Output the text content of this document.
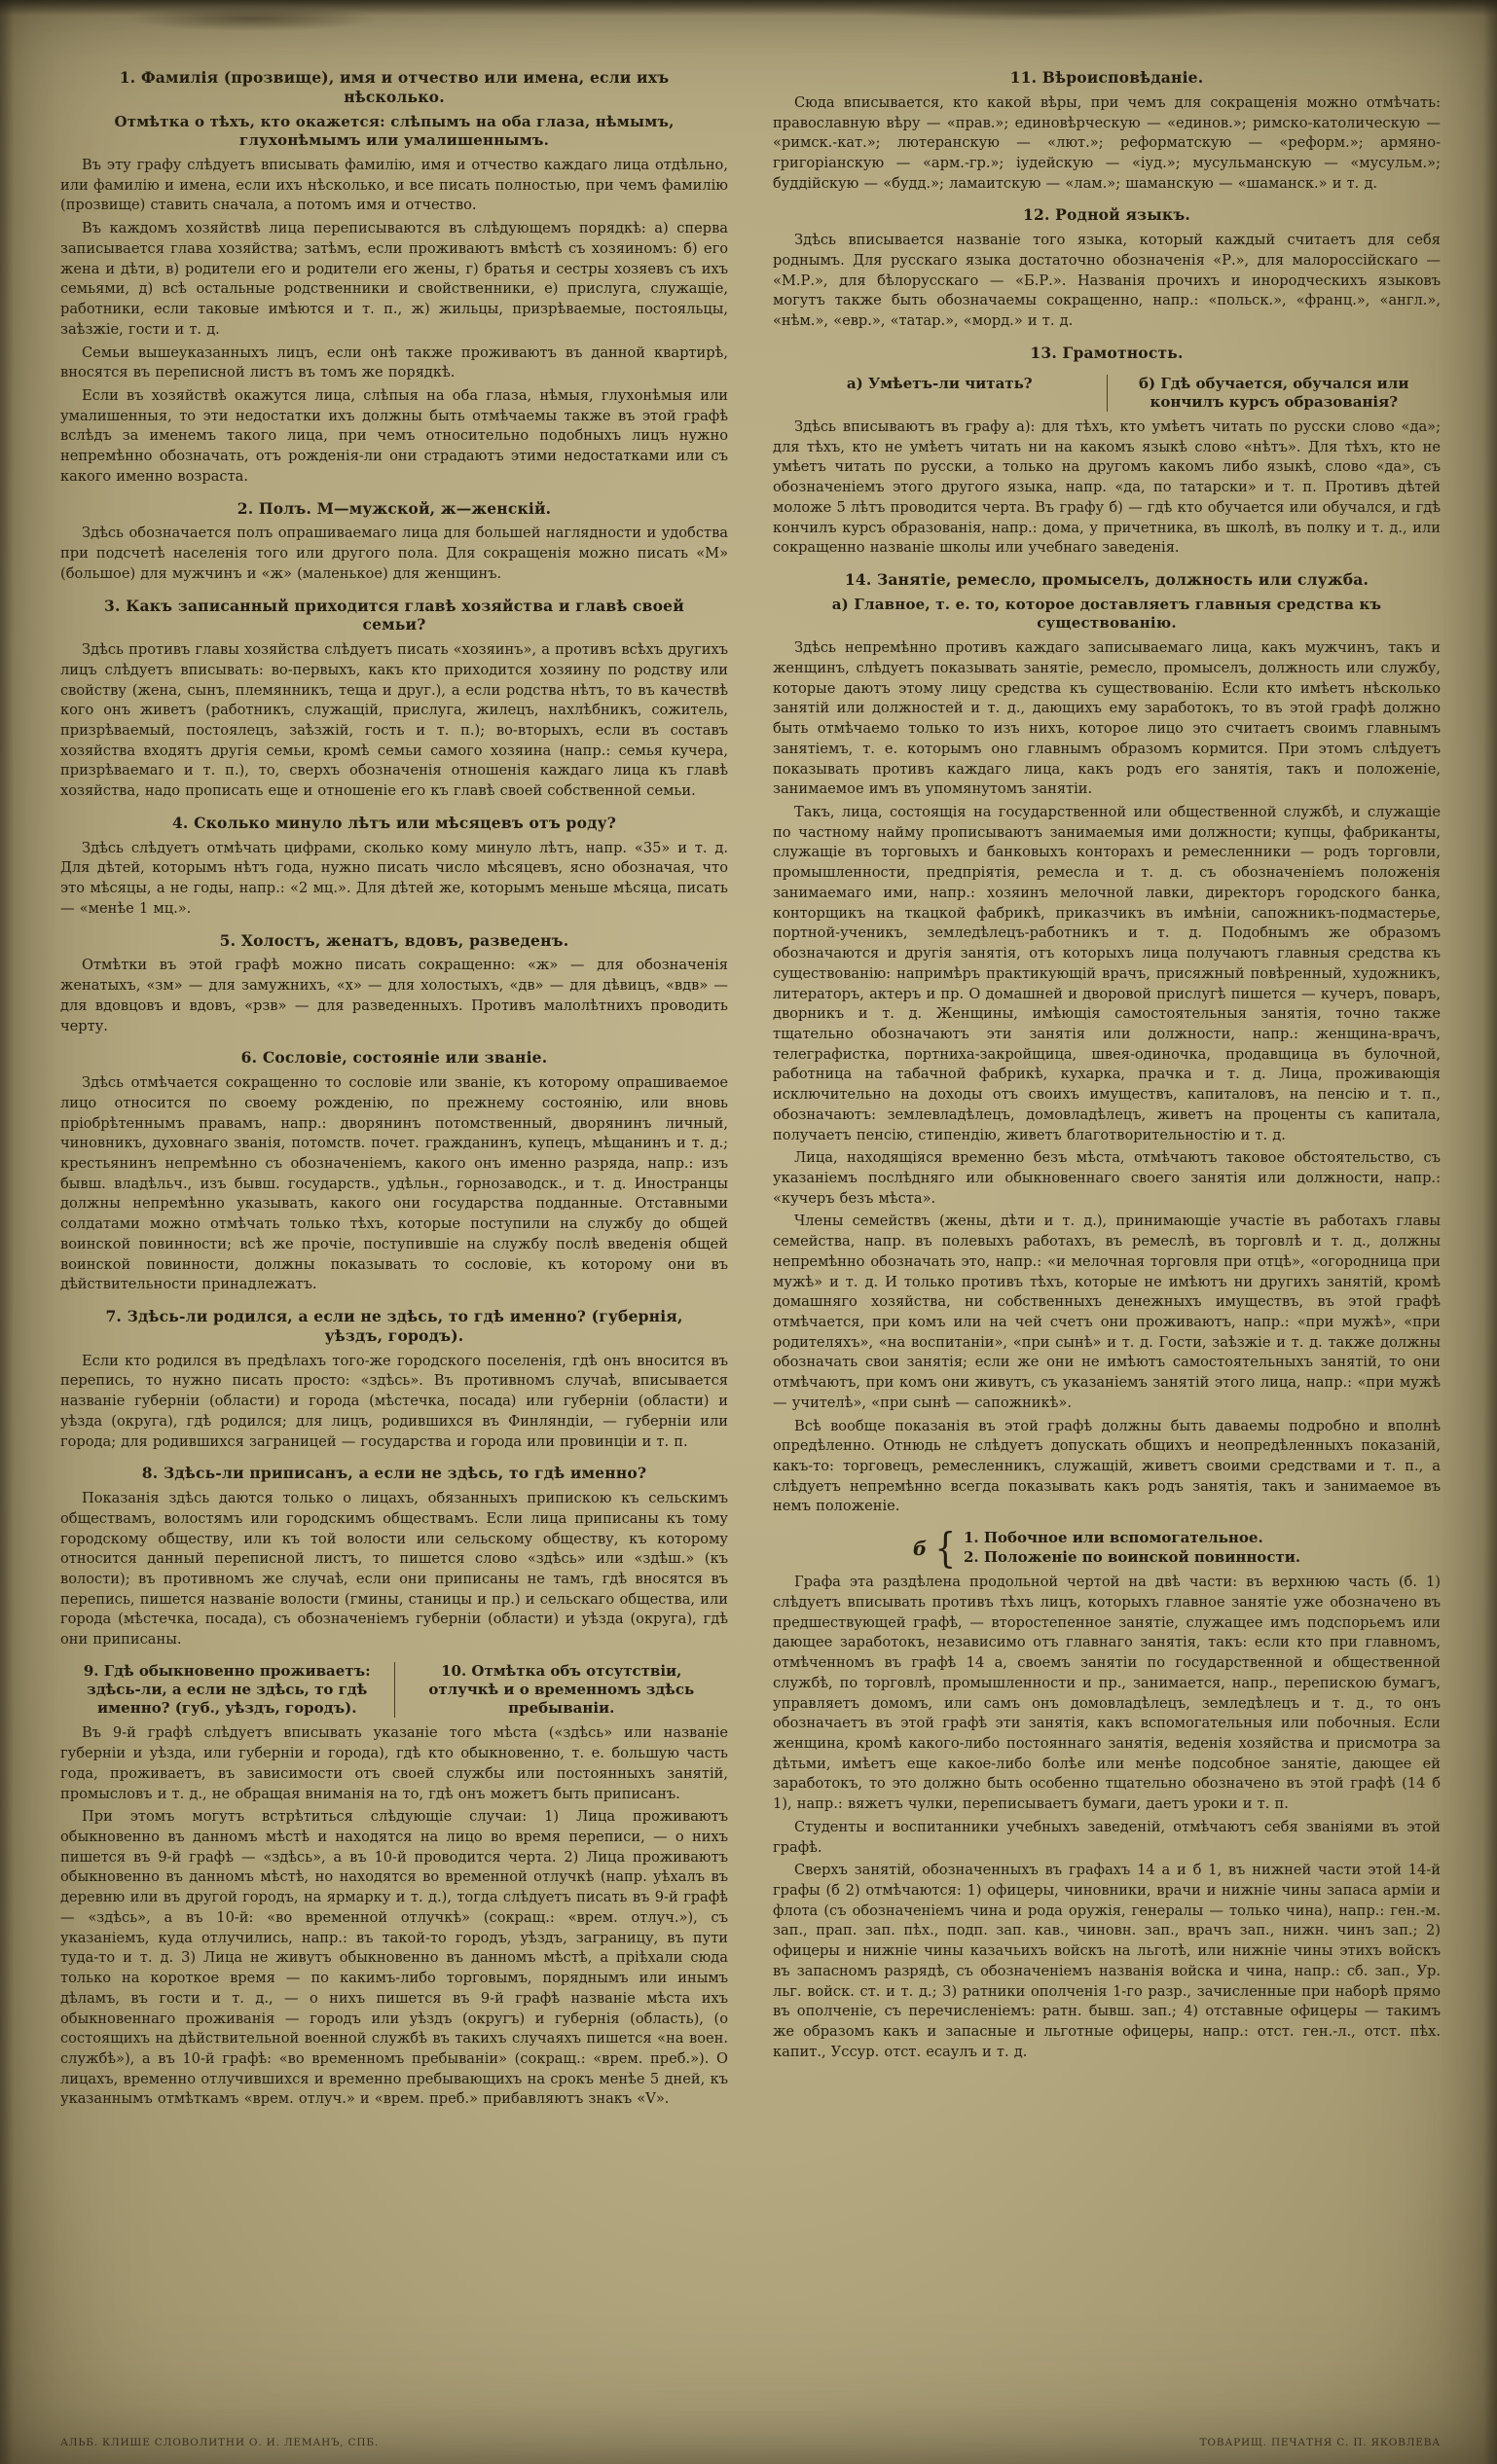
1. Фамилія (прозвище), имя и отчество или имена, если ихъ нѣсколько.
Отмѣтка о тѣхъ, кто окажется: слѣпымъ на оба глаза, нѣмымъ, глухонѣмымъ или умалишеннымъ.

Въ эту графу слѣдуетъ вписывать фамилію, имя и отчество каждаго лица отдѣльно, или фамилію и имена, если ихъ нѣсколько, и все писать полностью, при чемъ фамилію (прозвище) ставить сначала, а потомъ имя и отчество.

Въ каждомъ хозяйствѣ лица переписываются въ слѣдующемъ порядкѣ: а) сперва записывается глава хозяйства; затѣмъ, если проживаютъ вмѣстѣ съ хозяиномъ: б) его жена и дѣти, в) родители его и родители его жены, г) братья и сестры хозяевъ съ ихъ семьями, д) всѣ остальные родственники и свойственники, е) прислуга, служащіе, работники, если таковые имѣются и т. п., ж) жильцы, призрѣваемые, постояльцы, заѣзжіе, гости и т. д.

Семьи вышеуказанныхъ лицъ, если онѣ также проживаютъ въ данной квартирѣ, вносятся въ переписной листъ въ томъ же порядкѣ.

Если въ хозяйствѣ окажутся лица, слѣпыя на оба глаза, нѣмыя, глухонѣмыя или умалишенныя, то эти недостатки ихъ должны быть отмѣчаемы также въ этой графѣ вслѣдъ за именемъ такого лица, при чемъ относительно подобныхъ лицъ нужно непремѣнно обозначать, отъ рожденія-ли они страдаютъ этими недостатками или съ какого именно возраста.

2. Полъ. М—мужской, ж—женскій.

Здѣсь обозначается полъ опрашиваемаго лица для большей наглядности и удобства при подсчетѣ населенія того или другого пола. Для сокращенія можно писать «М» (большое) для мужчинъ и «ж» (маленькое) для женщинъ.

3. Какъ записанный приходится главѣ хозяйства и главѣ своей семьи?

Здѣсь противъ главы хозяйства слѣдуетъ писать «хозяинъ», а противъ всѣхъ другихъ лицъ слѣдуетъ вписывать: во-первыхъ, какъ кто приходится хозяину по родству или свойству (жена, сынъ, племянникъ, теща и друг.), а если родства нѣтъ, то въ качествѣ кого онъ живетъ (работникъ, служащій, прислуга, жилецъ, нахлѣбникъ, сожитель, призрѣваемый, постоялецъ, заѣзжій, гость и т. п.); во-вторыхъ, если въ составъ хозяйства входятъ другія семьи, кромѣ семьи самого хозяина (напр.: семья кучера, призрѣваемаго и т. п.), то, сверхъ обозначенія отношенія каждаго лица къ главѣ хозяйства, надо прописать еще и отношеніе его къ главѣ своей собственной семьи.

4. Сколько минуло лѣтъ или мѣсяцевъ отъ роду?

Здѣсь слѣдуетъ отмѣчать цифрами, сколько кому минуло лѣтъ, напр. «35» и т. д. Для дѣтей, которымъ нѣтъ года, нужно писать число мѣсяцевъ, ясно обозначая, что это мѣсяцы, а не годы, напр.: «2 мц.». Для дѣтей же, которымъ меньше мѣсяца, писать — «менѣе 1 мц.».

5. Холостъ, женатъ, вдовъ, разведенъ.

Отмѣтки въ этой графѣ можно писать сокращенно: «ж» — для обозначенія женатыхъ, «зм» — для замужнихъ, «х» — для холостыхъ, «дв» — для дѣвицъ, «вдв» — для вдовцовъ и вдовъ, «рзв» — для разведенныхъ. Противъ малолѣтнихъ проводить черту.

6. Сословіе, состояніе или званіе.

Здѣсь отмѣчается сокращенно то сословіе или званіе, къ которому опрашиваемое лицо относится по своему рожденію, по прежнему состоянію, или вновь пріобрѣтеннымъ правамъ, напр.: дворянинъ потомственный, дворянинъ личный, чиновникъ, духовнаго званія, потомств. почет. гражданинъ, купецъ, мѣщанинъ и т. д.; крестьянинъ непремѣнно съ обозначеніемъ, какого онъ именно разряда, напр.: изъ бывш. владѣльч., изъ бывш. государств., удѣльн., горнозаводск., и т. д. Иностранцы должны непремѣнно указывать, какого они государства подданные. Отставными солдатами можно отмѣчать только тѣхъ, которые поступили на службу до общей воинской повинности; всѣ же прочіе, поступившіе на службу послѣ введенія общей воинской повинности, должны показывать то сословіе, къ которому они въ дѣйствительности принадлежатъ.

7. Здѣсь-ли родился, а если не здѣсь, то гдѣ именно? (губернія, уѣздъ, городъ).

Если кто родился въ предѣлахъ того-же городского поселенія, гдѣ онъ вносится въ перепись, то нужно писать просто: «здѣсь». Въ противномъ случаѣ, вписывается названіе губерніи (области) и города (мѣстечка, посада) или губерніи (области) и уѣзда (округа), гдѣ родился; для лицъ, родившихся въ Финляндіи, — губерніи или города; для родившихся заграницей — государства и города или провинціи и т. п.

8. Здѣсь-ли приписанъ, а если не здѣсь, то гдѣ именно?

Показанія здѣсь даются только о лицахъ, обязанныхъ припискою къ сельскимъ обществамъ, волостямъ или городскимъ обществамъ. Если лица приписаны къ тому городскому обществу, или къ той волости или сельскому обществу, къ которому относится данный переписной листъ, то пишется слово «здѣсь» или «здѣш.» (къ волости); въ противномъ же случаѣ, если они приписаны не тамъ, гдѣ вносятся въ перепись, пишется названіе волости (гмины, станицы и пр.) и сельскаго общества, или города (мѣстечка, посада), съ обозначеніемъ губерніи (области) и уѣзда (округа), гдѣ они приписаны.

9. Гдѣ обыкновенно проживаетъ: здѣсь-ли, а если не здѣсь, то гдѣ именно? (губ., уѣздъ, городъ).
10. Отмѣтка объ отсутствіи, отлучкѣ и о временномъ здѣсь пребываніи.

Въ 9-й графѣ слѣдуетъ вписывать указаніе того мѣста («здѣсь» или названіе губерніи и уѣзда, или губерніи и города), гдѣ кто обыкновенно, т. е. большую часть года, проживаетъ, въ зависимости отъ своей службы или постоянныхъ занятій, промысловъ и т. д., не обращая вниманія на то, гдѣ онъ можетъ быть приписанъ.

При этомъ могутъ встрѣтиться слѣдующіе случаи: 1) Лица проживаютъ обыкновенно въ данномъ мѣстѣ и находятся на лицо во время переписи, — о нихъ пишется въ 9-й графѣ — «здѣсь», а въ 10-й проводится черта. 2) Лица проживаютъ обыкновенно въ данномъ мѣстѣ, но находятся во временной отлучкѣ (напр. уѣхалъ въ деревню или въ другой городъ, на ярмарку и т. д.), тогда слѣдуетъ писать въ 9-й графѣ — «здѣсь», а въ 10-й: «во временной отлучкѣ» (сокращ.: «врем. отлуч.»), съ указаніемъ, куда отлучились, напр.: въ такой-то городъ, уѣздъ, заграницу, въ пути туда-то и т. д. 3) Лица не живутъ обыкновенно въ данномъ мѣстѣ, а пріѣхали сюда только на короткое время — по какимъ-либо торговымъ, поряднымъ или инымъ дѣламъ, въ гости и т. д., — о нихъ пишется въ 9-й графѣ названіе мѣста ихъ обыкновеннаго проживанія — городъ или уѣздъ (округъ) и губернія (область), (о состоящихъ на дѣйствительной военной службѣ въ такихъ случаяхъ пишется «на воен. службѣ»), а въ 10-й графѣ: «во временномъ пребываніи» (сокращ.: «врем. преб.»). О лицахъ, временно отлучившихся и временно пребывающихъ на срокъ менѣе 5 дней, къ указаннымъ отмѣткамъ «врем. отлуч.» и «врем. преб.» прибавляютъ знакъ «V».

11. Вѣроисповѣданіе.

Сюда вписывается, кто какой вѣры, при чемъ для сокращенія можно отмѣчать: православную вѣру — «прав.»; единовѣрческую — «единов.»; римско-католическую — «римск.-кат.»; лютеранскую — «лют.»; реформатскую — «реформ.»; армяно-григоріанскую — «арм.-гр.»; іудейскую — «іуд.»; мусульманскую — «мусульм.»; буддійскую — «будд.»; ламаитскую — «лам.»; шаманскую — «шаманск.» и т. д.

12. Родной языкъ.

Здѣсь вписывается названіе того языка, который каждый считаетъ для себя роднымъ. Для русскаго языка достаточно обозначенія «Р.», для малороссійскаго — «М.Р.», для бѣлорусскаго — «Б.Р.». Названія прочихъ и инородческихъ языковъ могутъ также быть обозначаемы сокращенно, напр.: «польск.», «франц.», «англ.», «нѣм.», «евр.», «татар.», «морд.» и т. д.

13. Грамотность.
а) Умѣетъ-ли читать?	б) Гдѣ обучается, обучался или кончилъ курсъ образованія?

Здѣсь вписываютъ въ графу а): для тѣхъ, кто умѣетъ читать по русски слово «да»; для тѣхъ, кто не умѣетъ читать ни на какомъ языкѣ слово «нѣтъ». Для тѣхъ, кто не умѣетъ читать по русски, а только на другомъ какомъ либо языкѣ, слово «да», съ обозначеніемъ этого другого языка, напр. «да, по татарски» и т. п. Противъ дѣтей моложе 5 лѣтъ проводится черта. Въ графу б) — гдѣ кто обучается или обучался, и гдѣ кончилъ курсъ образованія, напр.: дома, у причетника, въ школѣ, въ полку и т. д., или сокращенно названіе школы или учебнаго заведенія.

14. Занятіе, ремесло, промыселъ, должность или служба.
а) Главное, т. е. то, которое доставляетъ главныя средства къ существованію.

Здѣсь непремѣнно противъ каждаго записываемаго лица, какъ мужчинъ, такъ и женщинъ, слѣдуетъ показывать занятіе, ремесло, промыселъ, должность или службу, которые даютъ этому лицу средства къ существованію. Если кто имѣетъ нѣсколько занятій или должностей и т. д., дающихъ ему заработокъ, то въ этой графѣ должно быть отмѣчаемо только то изъ нихъ, которое лицо это считаетъ своимъ главнымъ занятіемъ, т. е. которымъ оно главнымъ образомъ кормится. При этомъ слѣдуетъ показывать противъ каждаго лица, какъ родъ его занятія, такъ и положеніе, занимаемое имъ въ упомянутомъ занятіи.

Такъ, лица, состоящія на государственной или общественной службѣ, и служащіе по частному найму прописываютъ занимаемыя ими должности; купцы, фабриканты, служащіе въ торговыхъ и банковыхъ конторахъ и ремесленники — родъ торговли, промышленности, предпріятія, ремесла и т. д. съ обозначеніемъ положенія занимаемаго ими, напр.: хозяинъ мелочной лавки, директоръ городского банка, конторщикъ на ткацкой фабрикѣ, приказчикъ въ имѣніи, сапожникъ-подмастерье, портной-ученикъ, земледѣлецъ-работникъ и т. д. Подобнымъ же образомъ обозначаются и другія занятія, отъ которыхъ лица получаютъ главныя средства къ существованію: напримѣръ практикующій врачъ, присяжный повѣренный, художникъ, литераторъ, актеръ и пр. О домашней и дворовой прислугѣ пишется — кучеръ, поваръ, дворникъ и т. д. Женщины, имѣющія самостоятельныя занятія, точно также тщательно обозначаютъ эти занятія или должности, напр.: женщина-врачъ, телеграфистка, портниха-закройщица, швея-одиночка, продавщица въ булочной, работница на табачной фабрикѣ, кухарка, прачка и т. д. Лица, проживающія исключительно на доходы отъ своихъ имуществъ, капиталовъ, на пенсію и т. п., обозначаютъ: землевладѣлецъ, домовладѣлецъ, живетъ на проценты съ капитала, получаетъ пенсію, стипендію, живетъ благотворительностію и т. д.

Лица, находящіяся временно безъ мѣста, отмѣчаютъ таковое обстоятельство, съ указаніемъ послѣдняго или обыкновеннаго своего занятія или должности, напр.: «кучеръ безъ мѣста».

Члены семействъ (жены, дѣти и т. д.), принимающіе участіе въ работахъ главы семейства, напр. въ полевыхъ работахъ, въ ремеслѣ, въ торговлѣ и т. д., должны непремѣнно обозначать это, напр.: «и мелочная торговля при отцѣ», «огородница при мужѣ» и т. д. И только противъ тѣхъ, которые не имѣютъ ни другихъ занятій, кромѣ домашняго хозяйства, ни собственныхъ денежныхъ имуществъ, въ этой графѣ отмѣчается, при комъ или на чей счетъ они проживаютъ, напр.: «при мужѣ», «при родителяхъ», «на воспитаніи», «при сынѣ» и т. д. Гости, заѣзжіе и т. д. также должны обозначать свои занятія; если же они не имѣютъ самостоятельныхъ занятій, то они отмѣчаютъ, при комъ они живутъ, съ указаніемъ занятій этого лица, напр.: «при мужѣ — учителѣ», «при сынѣ — сапожникѣ».

Всѣ вообще показанія въ этой графѣ должны быть даваемы подробно и вполнѣ опредѣленно. Отнюдь не слѣдуетъ допускать общихъ и неопредѣленныхъ показаній, какъ-то: торговецъ, ремесленникъ, служащій, живетъ своими средствами и т. п., а слѣдуетъ непремѣнно всегда показывать какъ родъ занятія, такъ и занимаемое въ немъ положеніе.

б { 1. Побочное или вспомогательное.
2. Положеніе по воинской повинности.

Графа эта раздѣлена продольной чертой на двѣ части: въ верхнюю часть (б. 1) слѣдуетъ вписывать противъ тѣхъ лицъ, которыхъ главное занятіе уже обозначено въ предшествующей графѣ, — второстепенное занятіе, служащее имъ подспорьемъ или дающее заработокъ, независимо отъ главнаго занятія, такъ: если кто при главномъ, отмѣченномъ въ графѣ 14 а, своемъ занятіи по государственной и общественной службѣ, по торговлѣ, промышленности и пр., занимается, напр., перепискою бумагъ, управляетъ домомъ, или самъ онъ домовладѣлецъ, земледѣлецъ и т. д., то онъ обозначаетъ въ этой графѣ эти занятія, какъ вспомогательныя или побочныя. Если женщина, кромѣ какого-либо постояннаго занятія, веденія хозяйства и присмотра за дѣтьми, имѣетъ еще какое-либо болѣе или менѣе подсобное занятіе, дающее ей заработокъ, то это должно быть особенно тщательно обозначено въ этой графѣ (14 б 1), напр.: вяжетъ чулки, переписываетъ бумаги, даетъ уроки и т. п.

Студенты и воспитанники учебныхъ заведеній, отмѣчаютъ себя званіями въ этой графѣ.

Сверхъ занятій, обозначенныхъ въ графахъ 14 а и б 1, въ нижней части этой 14-й графы (б 2) отмѣчаются: 1) офицеры, чиновники, врачи и нижніе чины запаса арміи и флота (съ обозначеніемъ чина и рода оружія, генералы — только чина), напр.: ген.-м. зап., прап. зап. пѣх., подп. зап. кав., чиновн. зап., врачъ зап., нижн. чинъ зап.; 2) офицеры и нижніе чины казачьихъ войскъ на льготѣ, или нижніе чины этихъ войскъ въ запасномъ разрядѣ, съ обозначеніемъ названія войска и чина, напр.: сб. зап., Ур. льг. войск. ст. и т. д.; 3) ратники ополченія 1-го разр., зачисленные при наборѣ прямо въ ополченіе, съ перечисленіемъ: ратн. бывш. зап.; 4) отставные офицеры — такимъ же образомъ какъ и запасные и льготные офицеры, напр.: отст. ген.-л., отст. пѣх. капит., Уссур. отст. есаулъ и т. д.

АЛЬБ. КЛИШЕ СЛОВОЛИТНИ О. И. ЛЕМАНЪ, СПБ.	ТОВАРИЩ. ПЕЧАТНЯ С. П. ЯКОВЛЕВА
